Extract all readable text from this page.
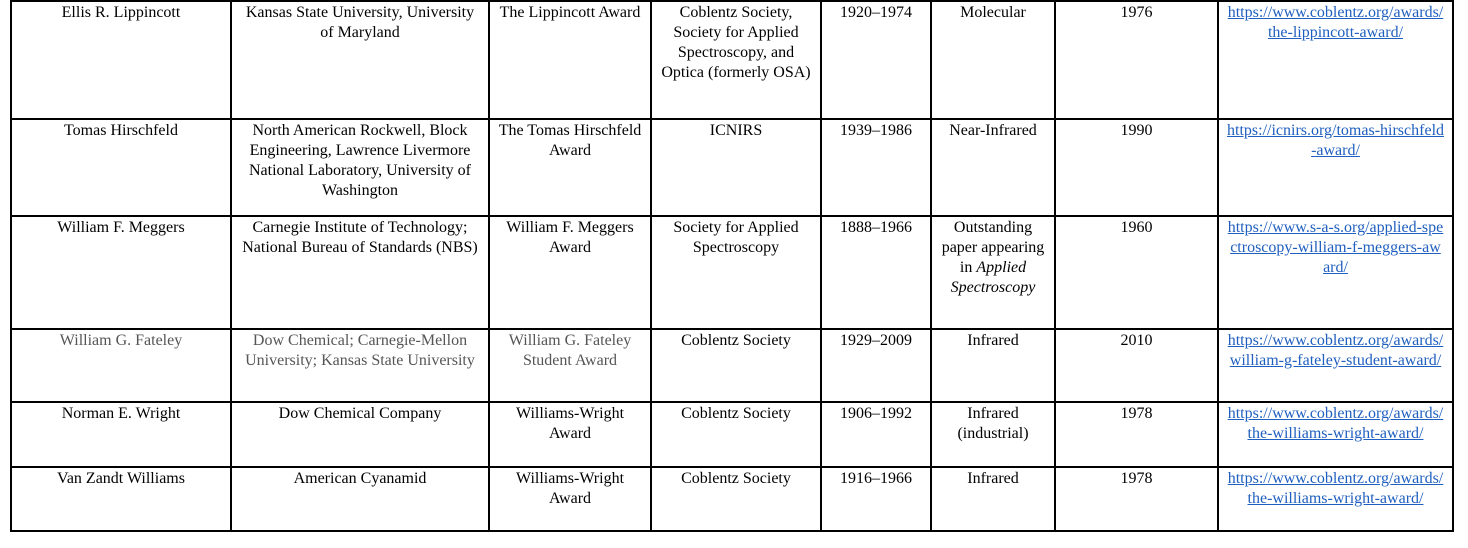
Ellis R. Lippincott	Kansas State University, University of Maryland	The Lippincott Award	Coblentz Society, Society for Applied Spectroscopy, and Optica (formerly OSA)	1920–1974	Molecular	1976	https://www.coblentz.org/awards/the-lippincott-award/
Tomas Hirschfeld	North American Rockwell, Block Engineering, Lawrence Livermore National Laboratory, University of Washington	The Tomas Hirschfeld Award	ICNIRS	1939–1986	Near-Infrared	1990	https://icnirs.org/tomas-hirschfeld-award/
William F. Meggers	Carnegie Institute of Technology; National Bureau of Standards (NBS)	William F. Meggers Award	Society for Applied Spectroscopy	1888–1966	Outstanding paper appearing in Applied Spectroscopy	1960	https://www.s-a-s.org/applied-spectroscopy-william-f-meggers-award/
William G. Fateley	Dow Chemical; Carnegie-Mellon University; Kansas State University	William G. Fateley Student Award	Coblentz Society	1929–2009	Infrared	2010	https://www.coblentz.org/awards/william-g-fateley-student-award/
Norman E. Wright	Dow Chemical Company	Williams-Wright Award	Coblentz Society	1906–1992	Infrared (industrial)	1978	https://www.coblentz.org/awards/the-williams-wright-award/
Van Zandt Williams	American Cyanamid	Williams-Wright Award	Coblentz Society	1916–1966	Infrared	1978	https://www.coblentz.org/awards/the-williams-wright-award/
